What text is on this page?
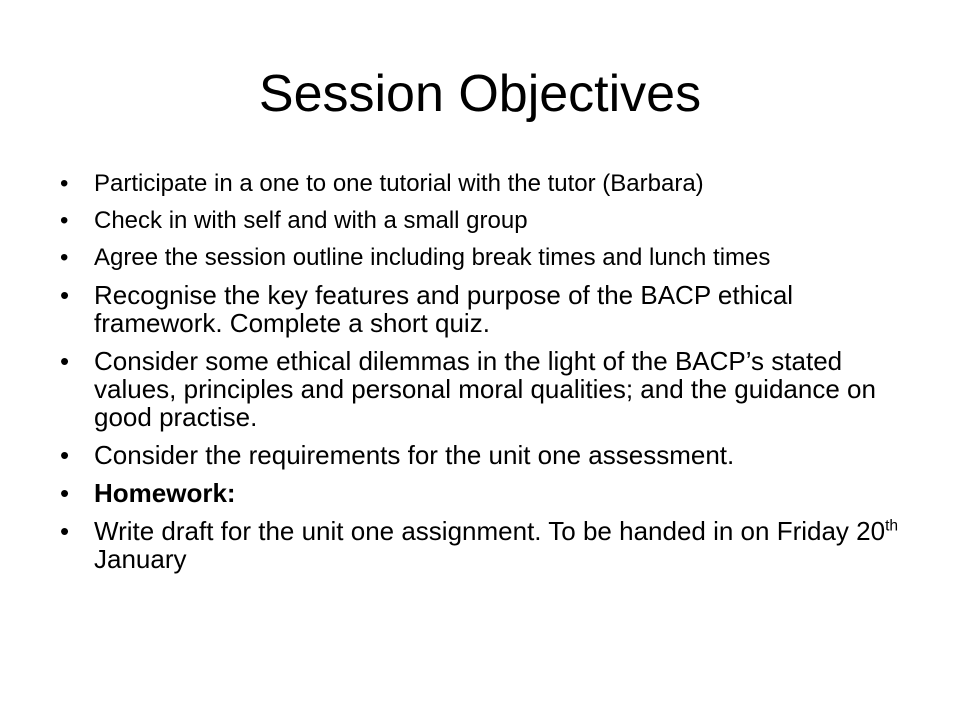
Session Objectives
•	Participate in a one to one tutorial with the tutor (Barbara)
•	Check in with self and with a small group
•	Agree the session outline including break times and lunch times
• Recognise the key features and purpose of the BACP ethical framework. Complete a short quiz.
• Consider some ethical dilemmas in the light of the BACP’s stated values, principles and personal moral qualities; and the guidance on good practise.
• Consider the requirements for the unit one assessment.
• Homework:
• Write draft for the unit one assignment. To be handed in on Friday 20th January
